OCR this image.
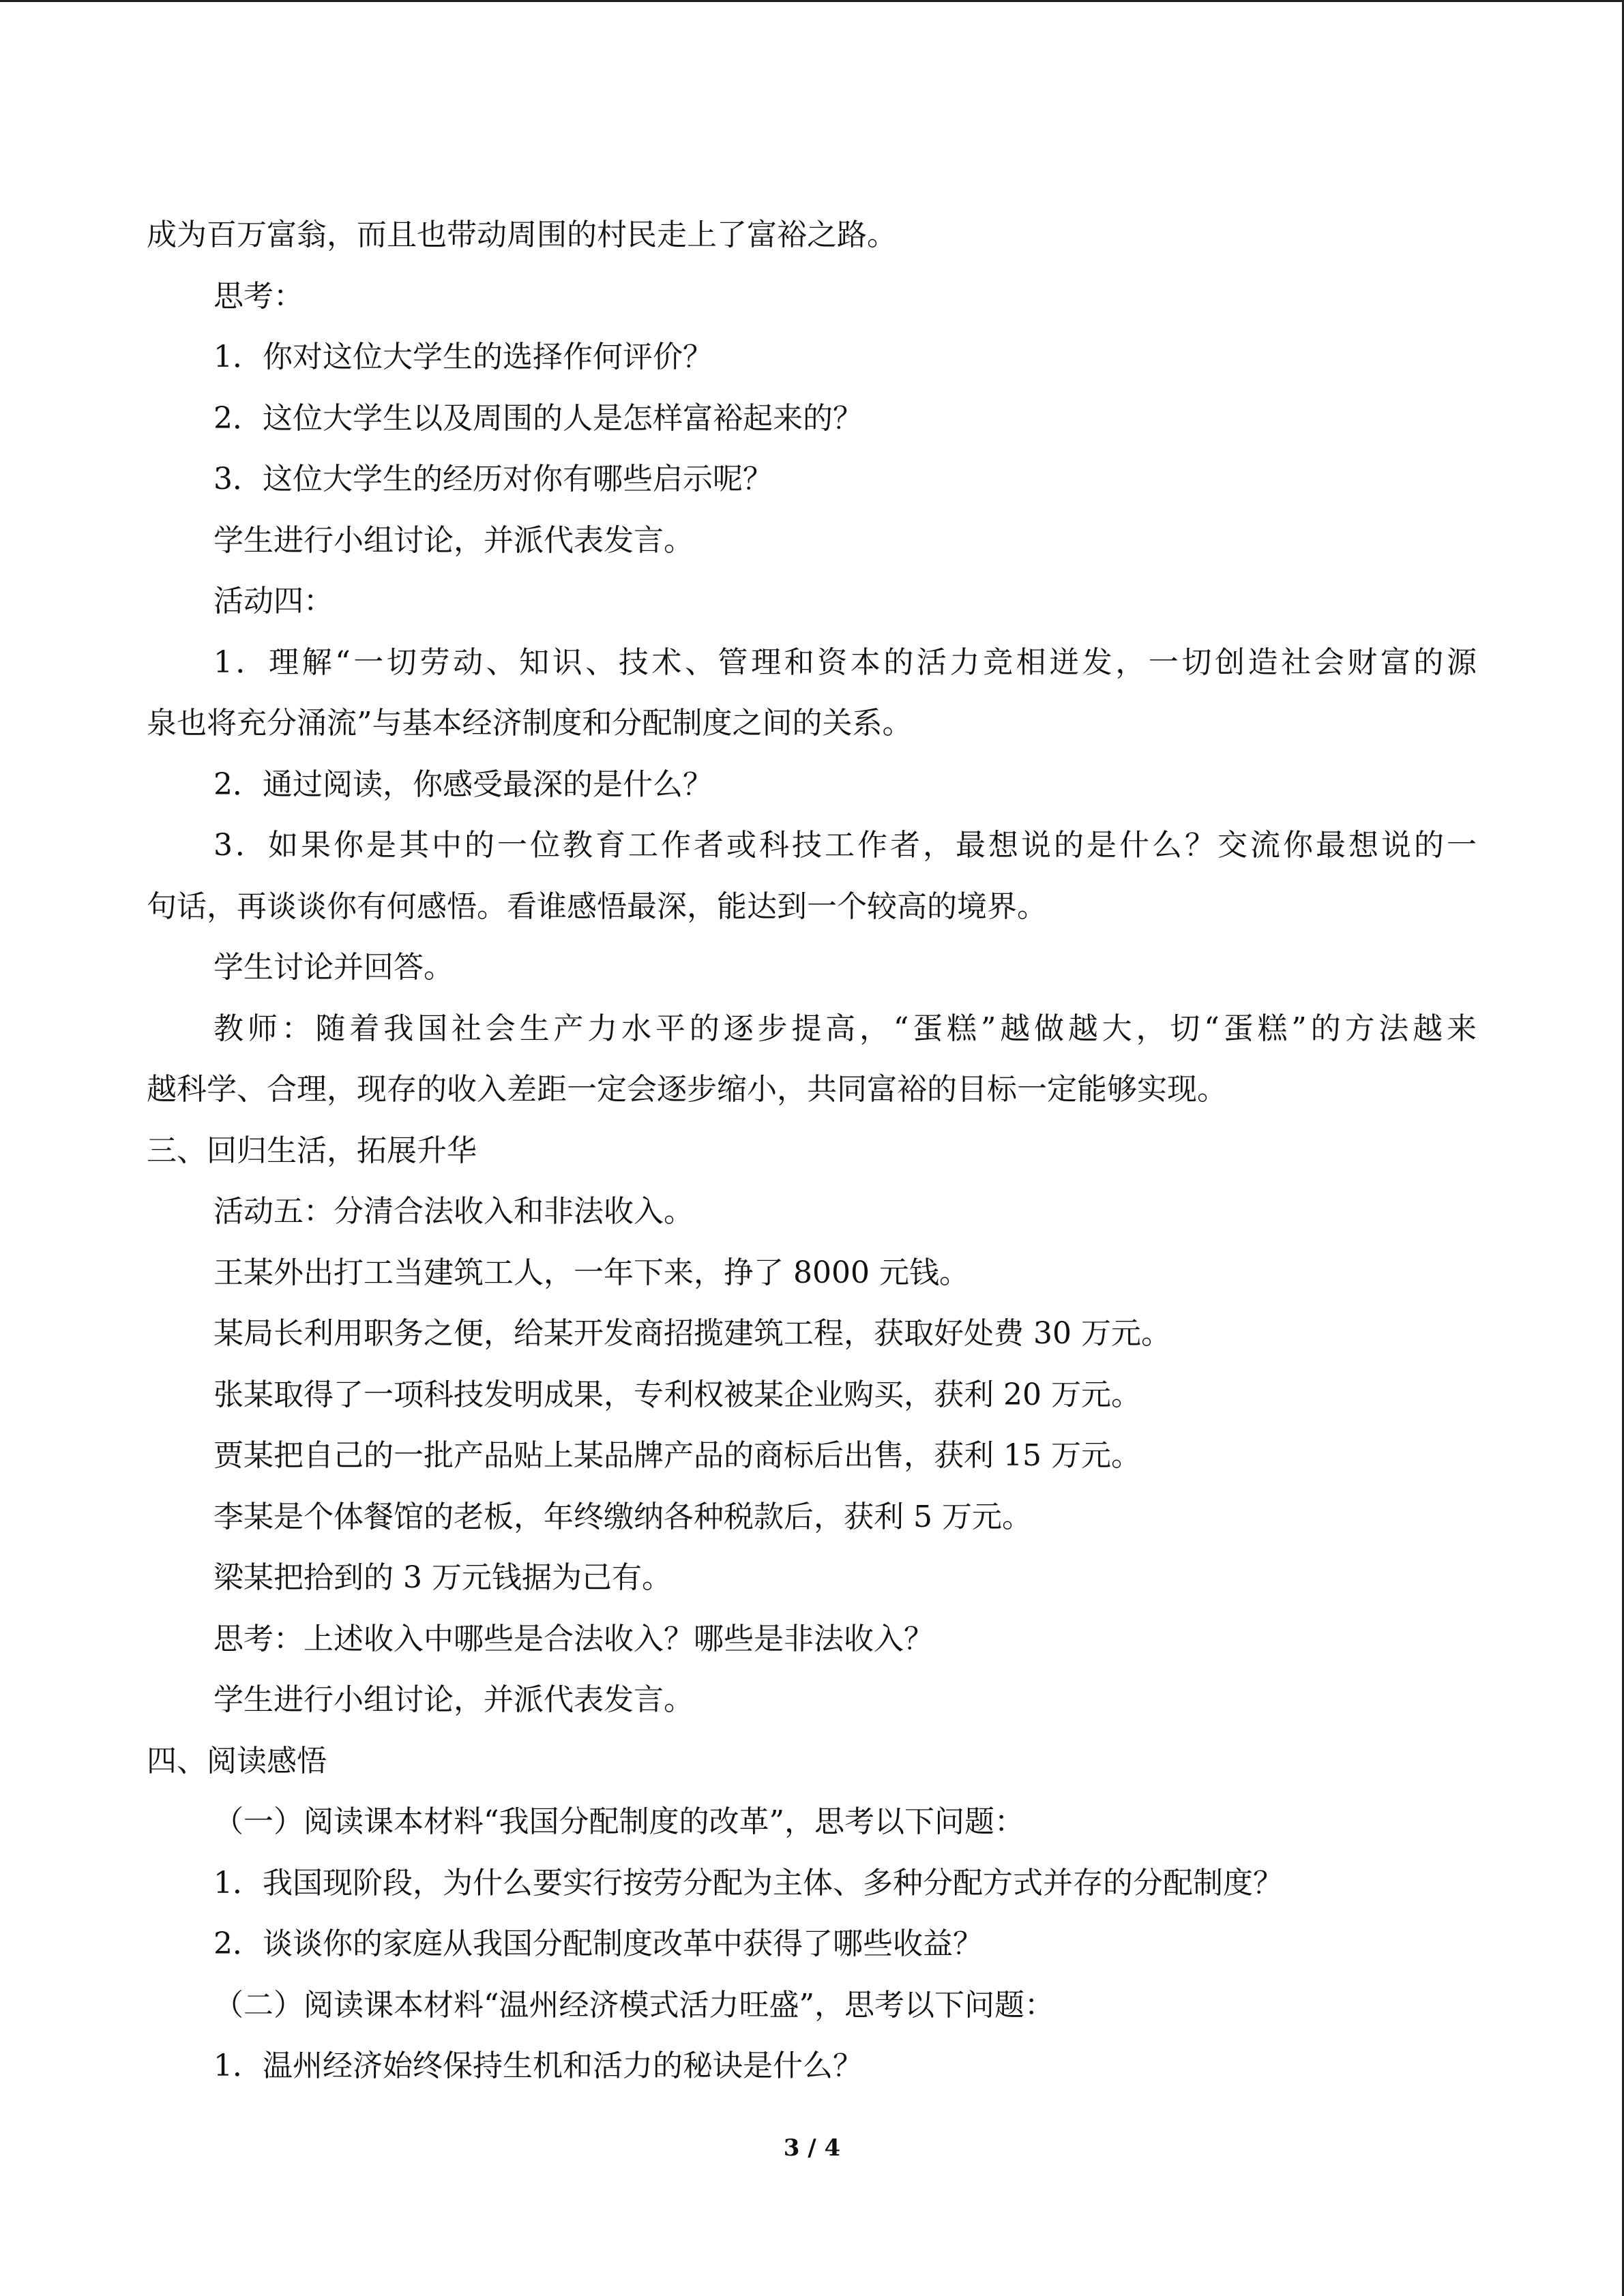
成为百万富翁，而且也带动周围的村民走上了富裕之路。
思考：
1．你对这位大学生的选择作何评价？
2．这位大学生以及周围的人是怎样富裕起来的？
3．这位大学生的经历对你有哪些启示呢？
学生进行小组讨论，并派代表发言。
活动四：
1．理解“一切劳动、知识、技术、管理和资本的活力竞相迸发，一切创造社会财富的源
泉也将充分涌流”与基本经济制度和分配制度之间的关系。
2．通过阅读，你感受最深的是什么？
3．如果你是其中的一位教育工作者或科技工作者，最想说的是什么？交流你最想说的一
句话，再谈谈你有何感悟。看谁感悟最深，能达到一个较高的境界。
学生讨论并回答。
教师：随着我国社会生产力水平的逐步提高，“蛋糕”越做越大，切“蛋糕”的方法越来
越科学、合理，现存的收入差距一定会逐步缩小，共同富裕的目标一定能够实现。
三、回归生活，拓展升华
活动五：分清合法收入和非法收入。
王某外出打工当建筑工人，一年下来，挣了 8000 元钱。
某局长利用职务之便，给某开发商招揽建筑工程，获取好处费 30 万元。
张某取得了一项科技发明成果，专利权被某企业购买，获利 20 万元。
贾某把自己的一批产品贴上某品牌产品的商标后出售，获利 15 万元。
李某是个体餐馆的老板，年终缴纳各种税款后，获利 5 万元。
梁某把拾到的 3 万元钱据为己有。
思考：上述收入中哪些是合法收入？哪些是非法收入？
学生进行小组讨论，并派代表发言。
四、阅读感悟
（一）阅读课本材料“我国分配制度的改革”，思考以下问题：
1．我国现阶段，为什么要实行按劳分配为主体、多种分配方式并存的分配制度？
2．谈谈你的家庭从我国分配制度改革中获得了哪些收益？
（二）阅读课本材料“温州经济模式活力旺盛”，思考以下问题：
1．温州经济始终保持生机和活力的秘诀是什么？
3 / 4
